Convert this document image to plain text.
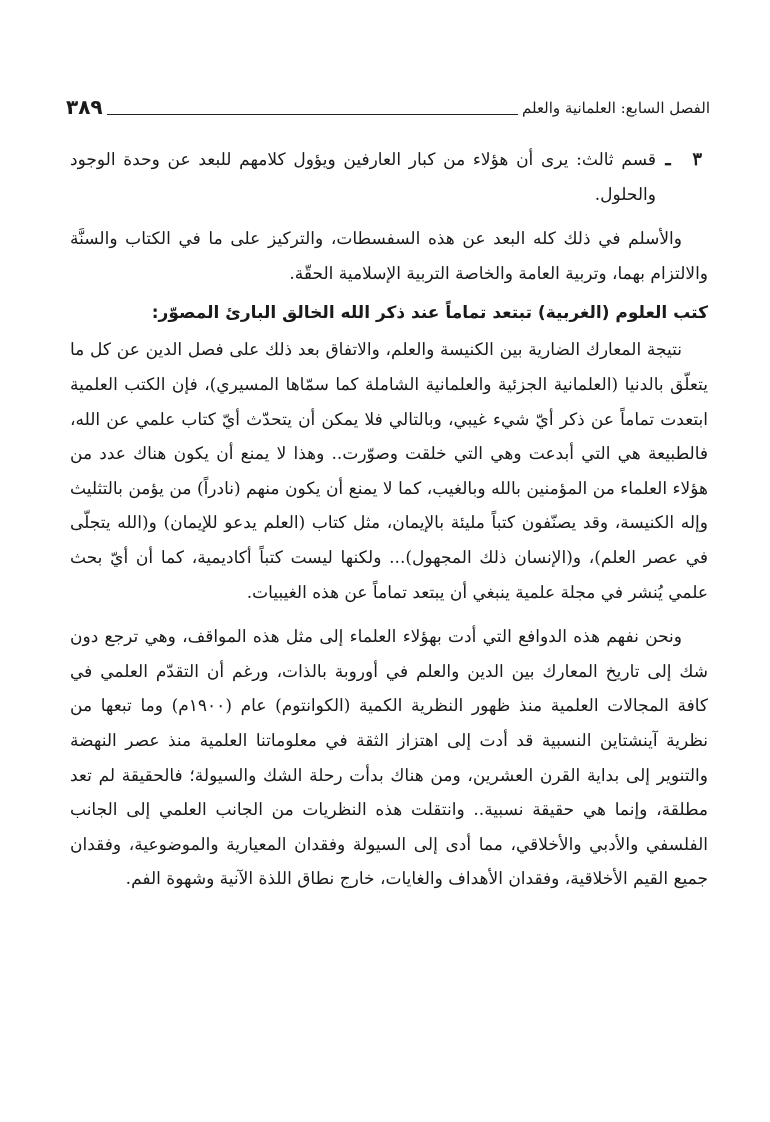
٣٨٩	الفصل السابع: العلمانية والعلم
٣
ـ

قسم ثالث: يرى أن هؤلاء من كبار العارفين ويؤول كلامهم للبعد عن وحدة الوجود والحلول.

والأسلم في ذلك كله البعد عن هذه السفسطات، والتركيز على ما في الكتاب والسنَّة والالتزام بهما، وتربية العامة والخاصة التربية الإسلامية الحقّة.

كتب العلوم (الغربية) تبتعد تماماً عند ذكر الله الخالق البارئ المصوّر:

نتيجة المعارك الضارية بين الكنيسة والعلم، والاتفاق بعد ذلك على فصل الدين عن كل ما يتعلّق بالدنيا (العلمانية الجزئية والعلمانية الشاملة كما سمّاها المسيري)، فإن الكتب العلمية ابتعدت تماماً عن ذكر أيّ شيء غيبي، وبالتالي فلا يمكن أن يتحدّث أيّ كتاب علمي عن الله، فالطبيعة هي التي أبدعت وهي التي خلقت وصوّرت.. وهذا لا يمنع أن يكون هناك عدد من هؤلاء العلماء من المؤمنين بالله وبالغيب، كما لا يمنع أن يكون منهم (نادراً) من يؤمن بالتثليث وإله الكنيسة، وقد يصنّفون كتباً مليئة بالإيمان، مثل كتاب (العلم يدعو للإيمان) و(الله يتجلّى في عصر العلم)، و(الإنسان ذلك المجهول)... ولكنها ليست كتباً أكاديمية، كما أن أيّ بحث علمي يُنشر في مجلة علمية ينبغي أن يبتعد تماماً عن هذه الغيبيات.

ونحن نفهم هذه الدوافع التي أدت بهؤلاء العلماء إلى مثل هذه المواقف، وهي ترجع دون شك إلى تاريخ المعارك بين الدين والعلم في أوروبة بالذات، ورغم أن التقدّم العلمي في كافة المجالات العلمية منذ ظهور النظرية الكمية (الكوانتوم) عام (١٩٠٠م) وما تبعها من نظرية آينشتاين النسبية قد أدت إلى اهتزاز الثقة في معلوماتنا العلمية منذ عصر النهضة والتنوير إلى بداية القرن العشرين، ومن هناك بدأت رحلة الشك والسيولة؛ فالحقيقة لم تعد مطلقة، وإنما هي حقيقة نسبية.. وانتقلت هذه النظريات من الجانب العلمي إلى الجانب الفلسفي والأدبي والأخلاقي، مما أدى إلى السيولة وفقدان المعيارية والموضوعية، وفقدان جميع القيم الأخلاقية، وفقدان الأهداف والغايات، خارج نطاق اللذة الآنية وشهوة الفم.
